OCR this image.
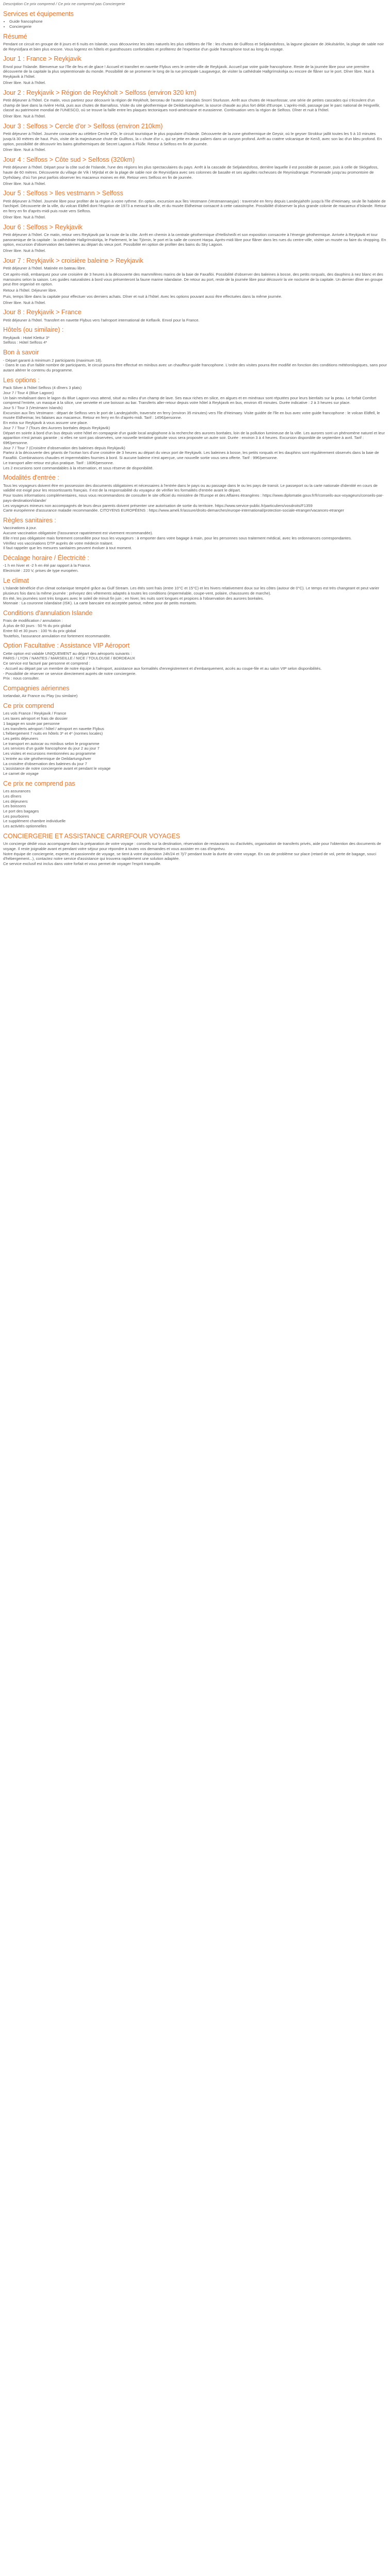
Description Ce prix comprend / Ce prix ne comprend pas Conciergerie

Services et équipements
• Guide francophone
• Conciergerie
Résumé

Pendant ce circuit en groupe de 8 jours et 6 nuits en Islande, vous découvrirez les sites naturels les plus célèbres de l'île : les chutes de Gullfoss et Seljalandsfoss, la lagune glaciaire de Jökulsárlón, la plage de sable noir de Reynisfjara et bien plus encore. Vous logerez en hôtels et guesthouses confortables et profiterez de l'expertise d'un guide francophone tout au long du voyage.

Jour 1 : France > Reykjavik

Envol pour l'Islande. Bienvenue sur l'île de feu et de glace ! Accueil et transfert en navette Flybus vers le centre-ville de Reykjavik. Accueil par votre guide francophone. Reste de la journée libre pour une première découverte de la capitale la plus septentrionale du monde. Possibilité de se promener le long de la rue principale Laugavegur, de visiter la cathédrale Hallgrímskirkja ou encore de flâner sur le port. Dîner libre. Nuit à Reykjavik à l'hôtel.

Dîner libre. Nuit à l'hôtel.

Jour 2 : Reykjavik > Région de Reykholt > Selfoss (environ 320 km)

Petit déjeuner à l'hôtel. Ce matin, vous partirez pour découvrir la région de Reykholt, berceau de l'auteur islandais Snorri Sturluson. Arrêt aux chutes de Hraunfossar, une série de petites cascades qui s'écoulent d'un champ de lave dans la rivière Hvítá, puis aux chutes de Barnafoss. Visite du site géothermique de Deildartunguhver, la source chaude au plus fort débit d'Europe. L'après-midi, passage par le parc national de Þingvellir, classé au patrimoine mondial de l'UNESCO, où se trouve la faille entre les plaques tectoniques nord-américaine et eurasienne. Continuation vers la région de Selfoss. Dîner et nuit à l'hôtel.

Dîner libre. Nuit à l'hôtel.

Jour 3 : Selfoss > Cercle d'or > Selfoss (environ 210km)

Petit déjeuner à l'hôtel. Journée consacrée au célèbre Cercle d'Or, le circuit touristique le plus populaire d'Islande. Découverte de la zone géothermique de Geysir, où le geyser Strokkur jaillit toutes les 5 à 10 minutes jusqu'à 30 mètres de haut. Puis, visite de la majestueuse chute de Gullfoss, la « chute d'or », qui se jette en deux paliers dans un canyon profond. Arrêt au cratère volcanique de Kerið, avec son lac d'un bleu profond. En option, possibilité de découvrir les bains géothermiques de Secret Lagoon à Flúðir. Retour à Selfoss en fin de journée.

Dîner libre. Nuit à l'hôtel.

Jour 4 : Selfoss > Côte sud > Selfoss (320km)

Petit déjeuner à l'hôtel. Départ pour la côte sud de l'Islande, l'une des régions les plus spectaculaires du pays. Arrêt à la cascade de Seljalandsfoss, derrière laquelle il est possible de passer, puis à celle de Skógafoss, haute de 60 mètres. Découverte du village de Vík í Mýrdal et de la plage de sable noir de Reynisfjara avec ses colonnes de basalte et ses aiguilles rocheuses de Reynisdrangar. Promenade jusqu'au promontoire de Dyrhólaey, d'où l'on peut parfois observer les macareux moines en été. Retour vers Selfoss en fin de journée.

Dîner libre. Nuit à l'hôtel.

Jour 5 : Selfoss > Iles vestmann > Selfoss

Petit déjeuner à l'hôtel. Journée libre pour profiter de la région à votre rythme. En option, excursion aux îles Vestmann (Vestmannaeyjar) : traversée en ferry depuis Landeyjahöfn jusqu'à l'île d'Heimaey, seule île habitée de l'archipel. Découverte de la ville, du volcan Eldfell dont l'éruption de 1973 a menacé la ville, et du musée Eldheimar consacré à cette catastrophe. Possibilité d'observer la plus grande colonie de macareux d'Islande. Retour en ferry en fin d'après-midi puis route vers Selfoss.

Dîner libre. Nuit à l'hôtel.

Jour 6 : Selfoss > Reykjavik

Petit déjeuner à l'hôtel. Ce matin, retour vers Reykjavik par la route de la côte. Arrêt en chemin à la centrale géothermique d'Hellisheiði et son exposition consacrée à l'énergie géothermique. Arrivée à Reykjavik et tour panoramique de la capitale : la cathédrale Hallgrímskirkja, le Parlement, le lac Tjörnin, le port et la salle de concert Harpa. Après-midi libre pour flâner dans les rues du centre-ville, visiter un musée ou faire du shopping. En option, excursion d'observation des baleines au départ du vieux port. Possibilité en option de profiter des bains du Sky Lagoon.

Dîner libre. Nuit à l'hôtel.

Jour 7 : Reykjavik > croisière baleine > Reykjavik

Petit déjeuner à l'hôtel. Matinée en bateau libre.

Cet après-midi, embarquez pour une croisière de 3 heures à la découverte des mammifères marins de la baie de Faxaflói. Possibilité d'observer des baleines à bosse, des petits rorquals, des dauphins à nez blanc et des marsouins selon la saison. Les guides naturalistes à bord vous présenteront la faune marine islandaise. De retour au port, reste de la journée libre pour découvrir la vie nocturne de la capitale. Un dernier dîner en groupe peut être organisé en option.

Retour à l'hôtel. Déjeuner libre.

Puis, temps libre dans la capitale pour effectuer vos derniers achats. Dîner et nuit à l'hôtel. Avec les options pouvant aussi être effectuées dans la même journée.

Dîner libre. Nuit à l'hôtel.

Jour 8 : Reykjavik > France

Petit déjeuner à l'hôtel. Transfert en navette Flybus vers l'aéroport international de Keflavík. Envol pour la France.

Hôtels (ou similaire) :

Reykjavik : Hotel Klettur 3*

Selfoss : Hótel Selfoss 4*

Bon à savoir

- Départ garanti à minimum 2 participants (maximum 18).

- Dans le cas d'un faible nombre de participants, le circuit pourra être effectué en minibus avec un chauffeur-guide francophone. L'ordre des visites pourra être modifié en fonction des conditions météorologiques, sans pour autant altérer le contenu du programme.

Les options :

Pack Silver à l'hôtel Selfoss (4 dîners 3 plats)

Jour 7 / Tour 4 (Blue Lagoon)

Un bain revitalisant dans le lagon du Blue Lagoon vous attend, situé au milieu d'un champ de lave. Ses eaux riches en silice, en algues et en minéraux sont réputées pour leurs bienfaits sur la peau. Le forfait Comfort comprend l'entrée, un masque à la silice, une serviette et une boisson au bar. Transferts aller-retour depuis votre hôtel à Reykjavik en bus, environ 45 minutes. Durée indicative : 2 à 3 heures sur place.

Jour 5 / Tour 3 (Vestmann Islands)

Excursion aux îles Vestmann : départ de Selfoss vers le port de Landeyjahöfn, traversée en ferry (environ 35 minutes) vers l'île d'Heimaey. Visite guidée de l'île en bus avec votre guide francophone : le volcan Eldfell, le musée Eldheimar, les falaises aux macareux. Retour en ferry en fin d'après-midi. Tarif : 145€/personne.

En extra sur Reykjavik à vous assurer une place.

Jour 7 / Tour 7 (Tours des Aurores boréales depuis Reykjavik)

Départ en soirée à bord d'un bus depuis votre hôtel en compagnie d'un guide local anglophone à la recherche des aurores boréales, loin de la pollution lumineuse de la ville. Les aurores sont un phénomène naturel et leur apparition n'est jamais garantie ; si elles ne sont pas observées, une nouvelle tentative gratuite vous sera proposée un autre soir. Durée : environ 3 à 4 heures. Excursion disponible de septembre à avril. Tarif : 69€/personne.

Jour 7 / Tour 7 (Croisière d'observation des baleines depuis Reykjavik)

Partez à la découverte des géants de l'océan lors d'une croisière de 3 heures au départ du vieux port de Reykjavik. Les baleines à bosse, les petits rorquals et les dauphins sont régulièrement observés dans la baie de Faxaflói. Combinaisons chaudes et imperméables fournies à bord. Si aucune baleine n'est aperçue, une nouvelle sortie vous sera offerte. Tarif : 99€/personne.

Le transport aller-retour est plus pratique. Tarif : 180€/personne.

Les 2 excursions sont commandables à la réservation, et sous réserve de disponibilité.

Modalités d'entrée :

Tous les voyageurs doivent être en possession des documents obligatoires et nécessaires à l'entrée dans le pays ou au passage dans le ou les pays de transit. Le passeport ou la carte nationale d'identité en cours de validité est exigé pour les ressortissants français. Il est de la responsabilité du voyageur de vérifier les formalités d'entrée avant le départ.

Pour toutes informations complémentaires, nous vous recommandons de consulter le site officiel du ministère de l'Europe et des Affaires étrangères : https://www.diplomatie.gouv.fr/fr/conseils-aux-voyageurs/conseils-par-pays-destination/islande/

Les voyageurs mineurs non accompagnés de leurs deux parents doivent présenter une autorisation de sortie du territoire. https://www.service-public.fr/particuliers/vosdroits/F1359

Carte européenne d'assurance maladie recommandée. CITOYENS EUROPÉENS : https://www.ameli.fr/assure/droits-demarches/europe-international/protection-sociale-etranger/vacances-etranger

Règles sanitaires :

Vaccinations à jour.

Aucune vaccination obligatoire (l'assurance rapatriement est vivement recommandée).

Elle n'est pas obligatoire mais fortement conseillée pour tous les voyageurs : à emporter dans votre bagage à main, pour les personnes sous traitement médical, avec les ordonnances correspondantes.

Vérifiez vos vaccinations DTP auprès de votre médecin traitant.

Il faut rappeler que les mesures sanitaires peuvent évoluer à tout moment.

Décalage horaire / Électricité :

-1 h en hiver et -2 h en été par rapport à la France.

Electricité : 220 V, prises de type européen.

Le climat

L'Islande bénéficie d'un climat océanique tempéré grâce au Gulf Stream. Les étés sont frais (entre 10°C et 15°C) et les hivers relativement doux sur les côtes (autour de 0°C). Le temps est très changeant et peut varier plusieurs fois dans la même journée : prévoyez des vêtements adaptés à toutes les conditions (imperméable, coupe-vent, polaire, chaussures de marche).

En été, les journées sont très longues avec le soleil de minuit fin juin ; en hiver, les nuits sont longues et propices à l'observation des aurores boréales.

Monnaie : La couronne islandaise (ISK). La carte bancaire est acceptée partout, même pour de petits montants.

Conditions d'annulation Islande

Frais de modification / annulation :

À plus de 60 jours : 50 % du prix global

Entre 60 et 30 jours : 100 % du prix global

Toutefois, l'assurance annulation est fortement recommandée.

Option Facultative : Assistance VIP Aéroport

Cette option est valable UNIQUEMENT au départ des aéroports suivants :

PARIS / LYON / NANTES / MARSEILLE / NICE / TOULOUSE / BORDEAUX

Ce service est facturé par personne et comprend :

- Accueil au départ par un membre de notre équipe à l'aéroport, assistance aux formalités d'enregistrement et d'embarquement, accès au coupe-file et au salon VIP selon disponibilités.

- Possibilité de réserver ce service directement auprès de notre conciergerie.

Prix : nous consulter.

Compagnies aériennes

Icelandair, Air France ou Play (ou similaire)

Ce prix comprend

Les vols France / Reykjavik / France

Les taxes aéroport et frais de dossier

1 bagage en soute par personne

Les transferts aéroport / hôtel / aéroport en navette Flybus

L'hébergement 7 nuits en hôtels 3* et 4* (normes locales)

Les petits déjeuners

Le transport en autocar ou minibus selon le programme

Les services d'un guide francophone du jour 2 au jour 7

Les visites et excursions mentionnées au programme

L'entrée au site géothermique de Deildartunguhver

La croisière d'observation des baleines du jour 7

L'assistance de notre conciergerie avant et pendant le voyage

Le carnet de voyage

Ce prix ne comprend pas

Les assurances

Les dîners

Les déjeuners

Les boissons

Le port des bagages

Les pourboires

Le supplément chambre individuelle

Les activités optionnelles

CONCIERGERIE ET ASSISTANCE CARREFOUR VOYAGES

Un concierge dédié vous accompagne dans la préparation de votre voyage : conseils sur la destination, réservation de restaurants ou d'activités, organisation de transferts privés, aide pour l'obtention des documents de voyage. Il reste joignable avant et pendant votre séjour pour répondre à toutes vos demandes et vous assister en cas d'imprévu.

Notre équipe de conciergerie, experte, et passionnée de voyage, se tient à votre disposition 24h/24 et 7j/7 pendant toute la durée de votre voyage. En cas de problème sur place (retard de vol, perte de bagage, souci d'hébergement...), contactez notre service d'assistance qui trouvera rapidement une solution adaptée.

Ce service exclusif est inclus dans votre forfait et vous permet de voyager l'esprit tranquille.
